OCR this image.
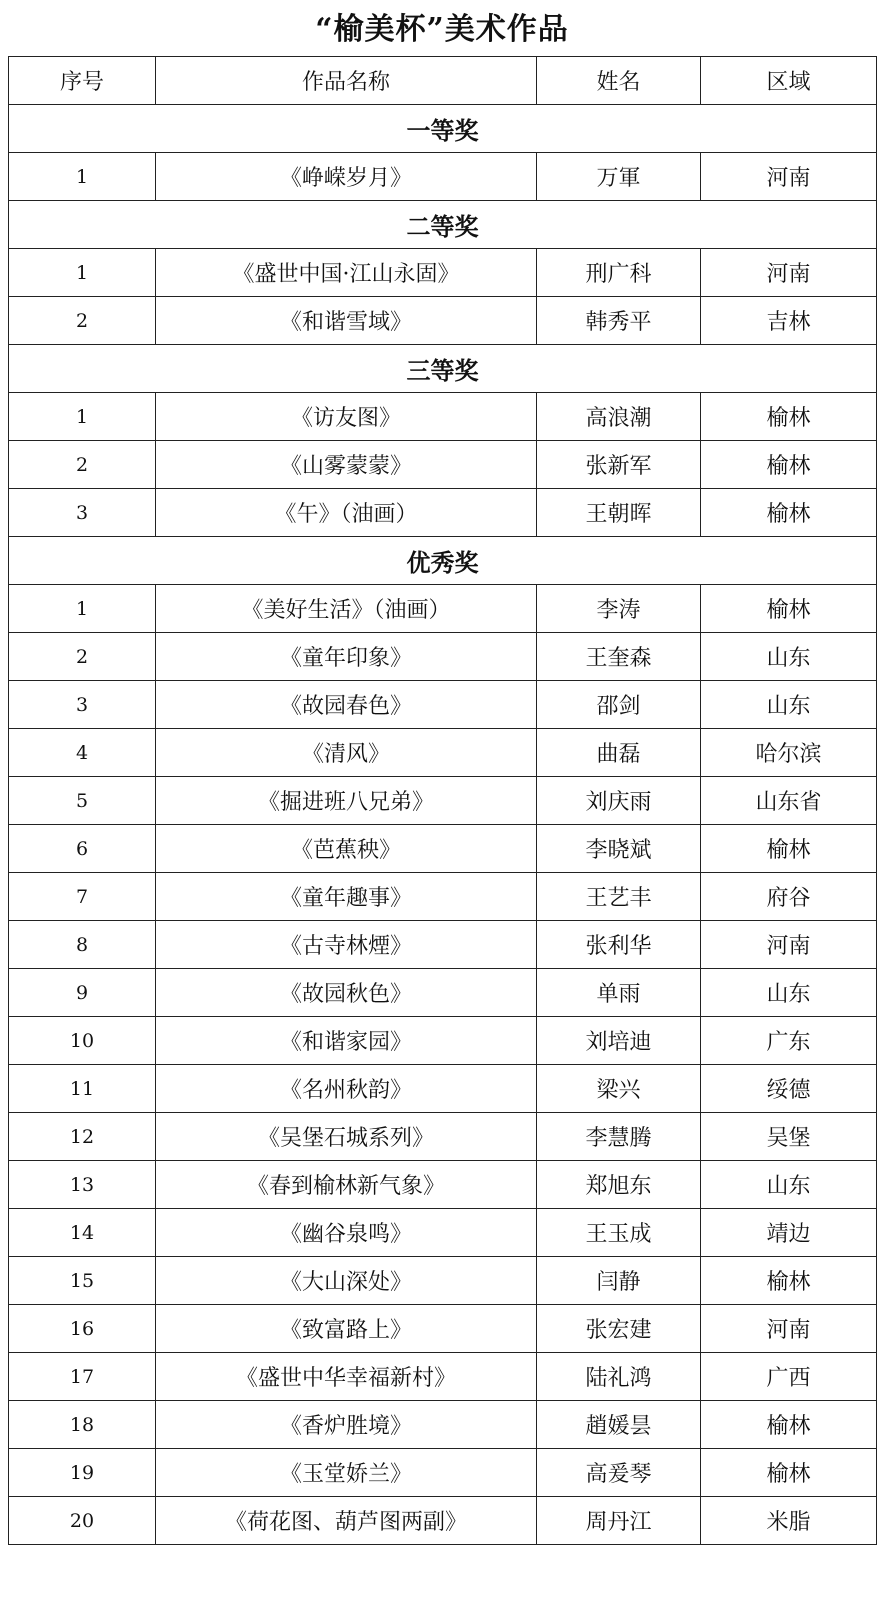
“榆美杯”美术作品
序号	作品名称	姓名	区域
一等奖			
1	《峥嵘岁月》	万軍	河南
二等奖			
1	《盛世中国·江山永固》	刑广科	河南
2	《和谐雪域》	韩秀平	吉林
三等奖			
1	《访友图》	高浪潮	榆林
2	《山雾蒙蒙》	张新军	榆林
3	《午》（油画）	王朝晖	榆林
优秀奖			
1	《美好生活》（油画）	李涛	榆林
2	《童年印象》	王奎森	山东
3	《故园春色》	邵剑	山东
4	《清风》	曲磊	哈尔滨
5	《掘进班八兄弟》	刘庆雨	山东省
6	《芭蕉秧》	李晓斌	榆林
7	《童年趣事》	王艺丰	府谷
8	《古寺林煙》	张利华	河南
9	《故园秋色》	单雨	山东
10	《和谐家园》	刘培迪	广东
11	《名州秋韵》	梁兴	绥德
12	《吴堡石城系列》	李慧腾	吴堡
13	《春到榆林新气象》	郑旭东	山东
14	《幽谷泉鸣》	王玉成	靖边
15	《大山深处》	闫静	榆林
16	《致富路上》	张宏建	河南
17	《盛世中华幸福新村》	陆礼鸿	广西
18	《香炉胜境》	趙媛昙	榆林
19	《玉堂娇兰》	高爰琴	榆林
20	《荷花图、葫芦图两副》	周丹江	米脂
